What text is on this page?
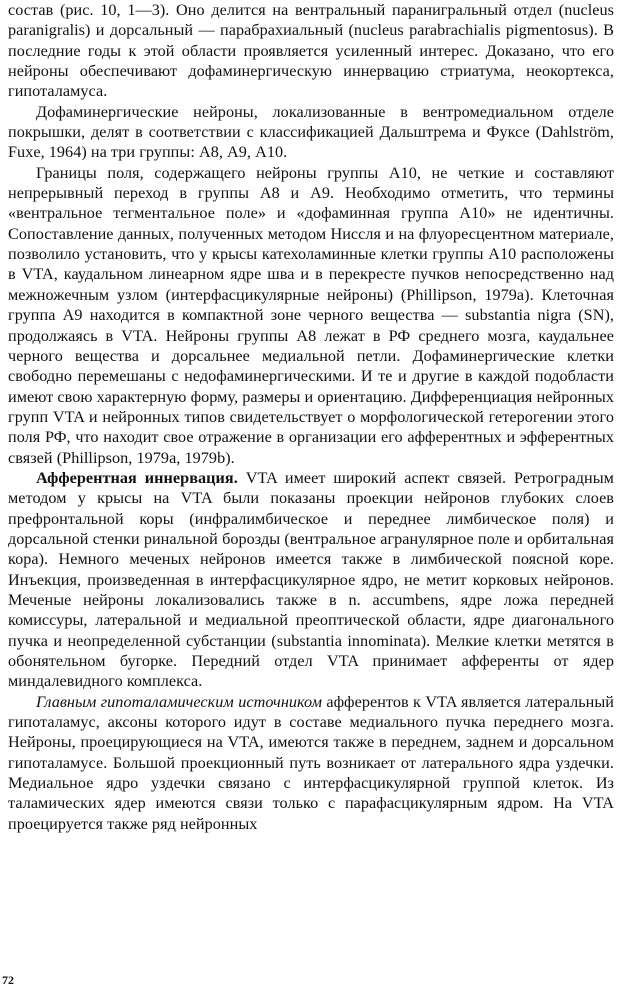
состав (рис. 10, 1—3). Оно делится на вентральный паранигральный отдел (nucleus paranigralis) и дорсальный — парабрахиальный (nucleus parabrachialis pigmentosus). В последние годы к этой области проявляется усиленный интерес. Доказано, что его нейроны обеспечивают дофаминергическую иннервацию стриатума, неокортекса, гипоталамуса.

Дофаминергические нейроны, локализованные в вентромедиальном отделе покрышки, делят в соответствии с классификацией Дальштрема и Фуксе (Dahlström, Fuxe, 1964) на три группы: А8, А9, А10.

Границы поля, содержащего нейроны группы А10, не четкие и составляют непрерывный переход в группы А8 и А9. Необходимо отметить, что термины «вентральное тегментальное поле» и «дофаминная группа А10» не идентичны. Сопоставление данных, полученных методом Ниссля и на флуоресцентном материале, позволило установить, что у крысы катехоламинные клетки группы А10 расположены в VTA, каудальном линеарном ядре шва и в перекресте пучков непосредственно над межножечным узлом (интерфасцикулярные нейроны) (Phillipson, 1979a). Клеточная группа А9 находится в компактной зоне черного вещества — substantia nigra (SN), продолжаясь в VTA. Нейроны группы А8 лежат в РФ среднего мозга, каудальнее черного вещества и дорсальнее медиальной петли. Дофаминергические клетки свободно перемешаны с недофаминергическими. И те и другие в каждой подобласти имеют свою характерную форму, размеры и ориентацию. Дифференциация нейронных групп VTA и нейронных типов свидетельствует о морфологической гетерогении этого поля РФ, что находит свое отражение в организации его афферентных и эфферентных связей (Phillipson, 1979a, 1979b).

Афферентная иннервация. VTA имеет широкий аспект связей. Ретроградным методом у крысы на VTA были показаны проекции нейронов глубоких слоев префронтальной коры (инфралимбическое и переднее лимбическое поля) и дорсальной стенки ринальной борозды (вентральное агранулярное поле и орбитальная кора). Немного меченых нейронов имеется также в лимбической поясной коре. Инъекция, произведенная в интерфасцикулярное ядро, не метит корковых нейронов. Меченые нейроны локализовались также в n. accumbens, ядре ложа передней комиссуры, латеральной и медиальной преоптической области, ядре диагонального пучка и неопределенной субстанции (substantia innominata). Мелкие клетки метятся в обонятельном бугорке. Передний отдел VTA принимает афференты от ядер миндалевидного комплекса.

Главным гипоталамическим источником афферентов к VTA является латеральный гипоталамус, аксоны которого идут в составе медиального пучка переднего мозга. Нейроны, проецирующиеся на VTA, имеются также в переднем, заднем и дорсальном гипоталамусе. Большой проекционный путь возникает от латерального ядра уздечки. Медиальное ядро уздечки связано с интерфасцикулярной группой клеток. Из таламических ядер имеются связи только с парафасцикулярным ядром. На VTA проецируется также ряд нейронных

72
